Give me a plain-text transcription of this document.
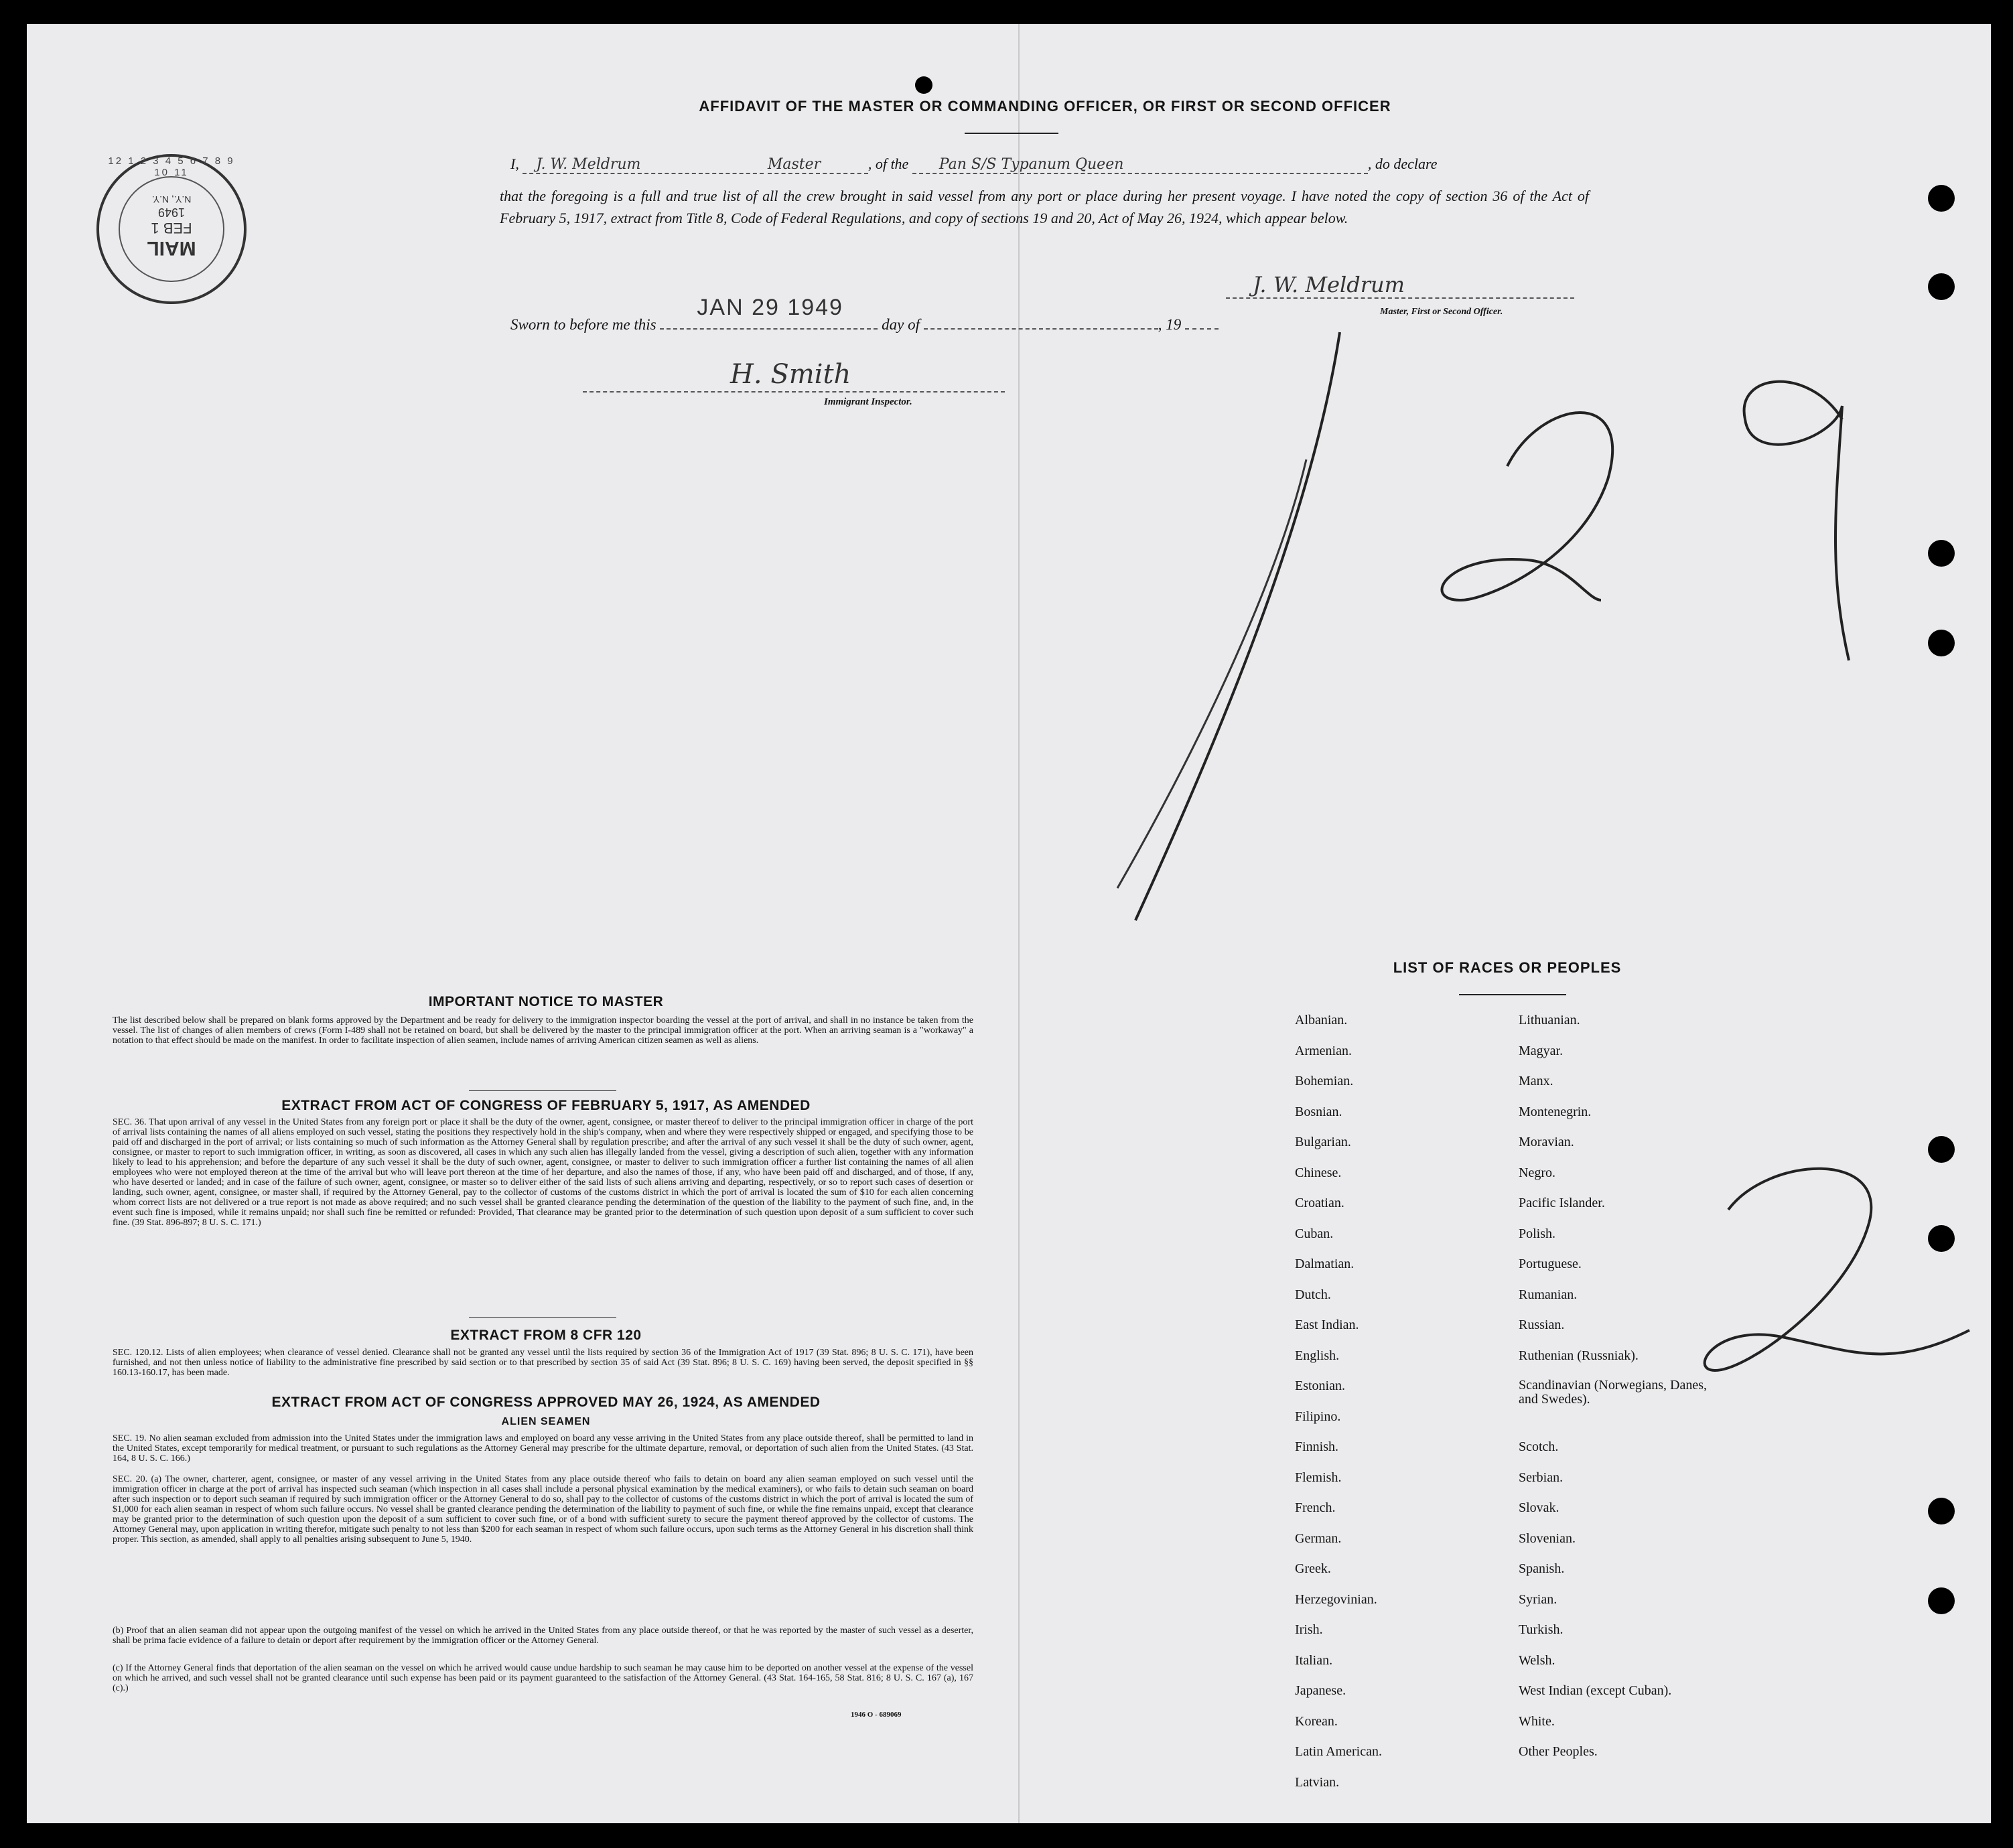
MAIL
FEB 1
1949
N.Y., N.Y.
12 1 2 3 4 5 6 7 8 9 10 11
AFFIDAVIT OF THE MASTER OR COMMANDING OFFICER, OR FIRST OR SECOND OFFICER
I, J. W. Meldrum	Master	, of the Pan S/S Typanum Queen	, do declare
that the foregoing is a full and true list of all the crew brought in said vessel from any port or place during her present voyage. I have noted the copy of section 36 of the Act of February 5, 1917, extract from Title 8, Code of Federal Regulations, and copy of sections 19 and 20, Act of May 26, 1924, which appear below.
J. W. Meldrum
Master, First or Second Officer.
Sworn to before me this
JAN 29 1949
day of	, 19
H. Smith
Immigrant Inspector.
IMPORTANT NOTICE TO MASTER
The list described below shall be prepared on blank forms approved by the Department and be ready for delivery to the immigration inspector boarding the vessel at the port of arrival, and shall in no instance be taken from the vessel. The list of changes of alien members of crews (Form I-489 shall not be retained on board, but shall be delivered by the master to the principal immigration officer at the port. When an arriving seaman is a "workaway" a notation to that effect should be made on the manifest. In order to facilitate inspection of alien seamen, include names of arriving American citizen seamen as well as aliens.
EXTRACT FROM ACT OF CONGRESS OF FEBRUARY 5, 1917, AS AMENDED
SEC. 36. That upon arrival of any vessel in the United States from any foreign port or place it shall be the duty of the owner, agent, consignee, or master thereof to deliver to the principal immigration officer in charge of the port of arrival lists containing the names of all aliens employed on such vessel, stating the positions they respectively hold in the ship's company, when and where they were respectively shipped or engaged, and specifying those to be paid off and discharged in the port of arrival; or lists containing so much of such information as the Attorney General shall by regulation prescribe; and after the arrival of any such vessel it shall be the duty of such owner, agent, consignee, or master to report to such immigration officer, in writing, as soon as discovered, all cases in which any such alien has illegally landed from the vessel, giving a description of such alien, together with any information likely to lead to his apprehension; and before the departure of any such vessel it shall be the duty of such owner, agent, consignee, or master to deliver to such immigration officer a further list containing the names of all alien employees who were not employed thereon at the time of the arrival but who will leave port thereon at the time of her departure, and also the names of those, if any, who have been paid off and discharged, and of those, if any, who have deserted or landed; and in case of the failure of such owner, agent, consignee, or master so to deliver either of the said lists of such aliens arriving and departing, respectively, or so to report such cases of desertion or landing, such owner, agent, consignee, or master shall, if required by the Attorney General, pay to the collector of customs of the customs district in which the port of arrival is located the sum of $10 for each alien concerning whom correct lists are not delivered or a true report is not made as above required; and no such vessel shall be granted clearance pending the determination of the question of the liability to the payment of such fine, and, in the event such fine is imposed, while it remains unpaid; nor shall such fine be remitted or refunded: Provided, That clearance may be granted prior to the determination of such question upon deposit of a sum sufficient to cover such fine. (39 Stat. 896-897; 8 U. S. C. 171.)
EXTRACT FROM 8 CFR 120
SEC. 120.12. Lists of alien employees; when clearance of vessel denied. Clearance shall not be granted any vessel until the lists required by section 36 of the Immigration Act of 1917 (39 Stat. 896; 8 U. S. C. 171), have been furnished, and not then unless notice of liability to the administrative fine prescribed by said section or to that prescribed by section 35 of said Act (39 Stat. 896; 8 U. S. C. 169) having been served, the deposit specified in §§ 160.13-160.17, has been made.
EXTRACT FROM ACT OF CONGRESS APPROVED MAY 26, 1924, AS AMENDED
ALIEN SEAMEN
SEC. 19. No alien seaman excluded from admission into the United States under the immigration laws and employed on board any vesse arriving in the United States from any place outside thereof, shall be permitted to land in the United States, except temporarily for medical treatment, or pursuant to such regulations as the Attorney General may prescribe for the ultimate departure, removal, or deportation of such alien from the United States. (43 Stat. 164, 8 U. S. C. 166.)
SEC. 20. (a) The owner, charterer, agent, consignee, or master of any vessel arriving in the United States from any place outside thereof who fails to detain on board any alien seaman employed on such vessel until the immigration officer in charge at the port of arrival has inspected such seaman (which inspection in all cases shall include a personal physical examination by the medical examiners), or who fails to detain such seaman on board after such inspection or to deport such seaman if required by such immigration officer or the Attorney General to do so, shall pay to the collector of customs of the customs district in which the port of arrival is located the sum of $1,000 for each alien seaman in respect of whom such failure occurs. No vessel shall be granted clearance pending the determination of the liability to payment of such fine, or while the fine remains unpaid, except that clearance may be granted prior to the determination of such question upon the deposit of a sum sufficient to cover such fine, or of a bond with sufficient surety to secure the payment thereof approved by the collector of customs. The Attorney General may, upon application in writing therefor, mitigate such penalty to not less than $200 for each seaman in respect of whom such failure occurs, upon such terms as the Attorney General in his discretion shall think proper. This section, as amended, shall apply to all penalties arising subsequent to June 5, 1940.
(b) Proof that an alien seaman did not appear upon the outgoing manifest of the vessel on which he arrived in the United States from any place outside thereof, or that he was reported by the master of such vessel as a deserter, shall be prima facie evidence of a failure to detain or deport after requirement by the immigration officer or the Attorney General.
(c) If the Attorney General finds that deportation of the alien seaman on the vessel on which he arrived would cause undue hardship to such seaman he may cause him to be deported on another vessel at the expense of the vessel on which he arrived, and such vessel shall not be granted clearance until such expense has been paid or its payment guaranteed to the satisfaction of the Attorney General. (43 Stat. 164-165, 58 Stat. 816; 8 U. S. C. 167 (a), 167 (c).)
1946 O - 689069
LIST OF RACES OR PEOPLES
Albanian.
Armenian.
Bohemian.
Bosnian.
Bulgarian.
Chinese.
Croatian.
Cuban.
Dalmatian.
Dutch.
East Indian.
English.
Estonian.
Filipino.
Finnish.
Flemish.
French.
German.
Greek.
Herzegovinian.
Irish.
Italian.
Japanese.
Korean.
Latin American.
Latvian.
Lithuanian.
Magyar.
Manx.
Montenegrin.
Moravian.
Negro.
Pacific Islander.
Polish.
Portuguese.
Rumanian.
Russian.
Ruthenian (Russniak).
Scandinavian (Norwegians, Danes, and Swedes).
Scotch.
Serbian.
Slovak.
Slovenian.
Spanish.
Syrian.
Turkish.
Welsh.
West Indian (except Cuban).
White.
Other Peoples.
